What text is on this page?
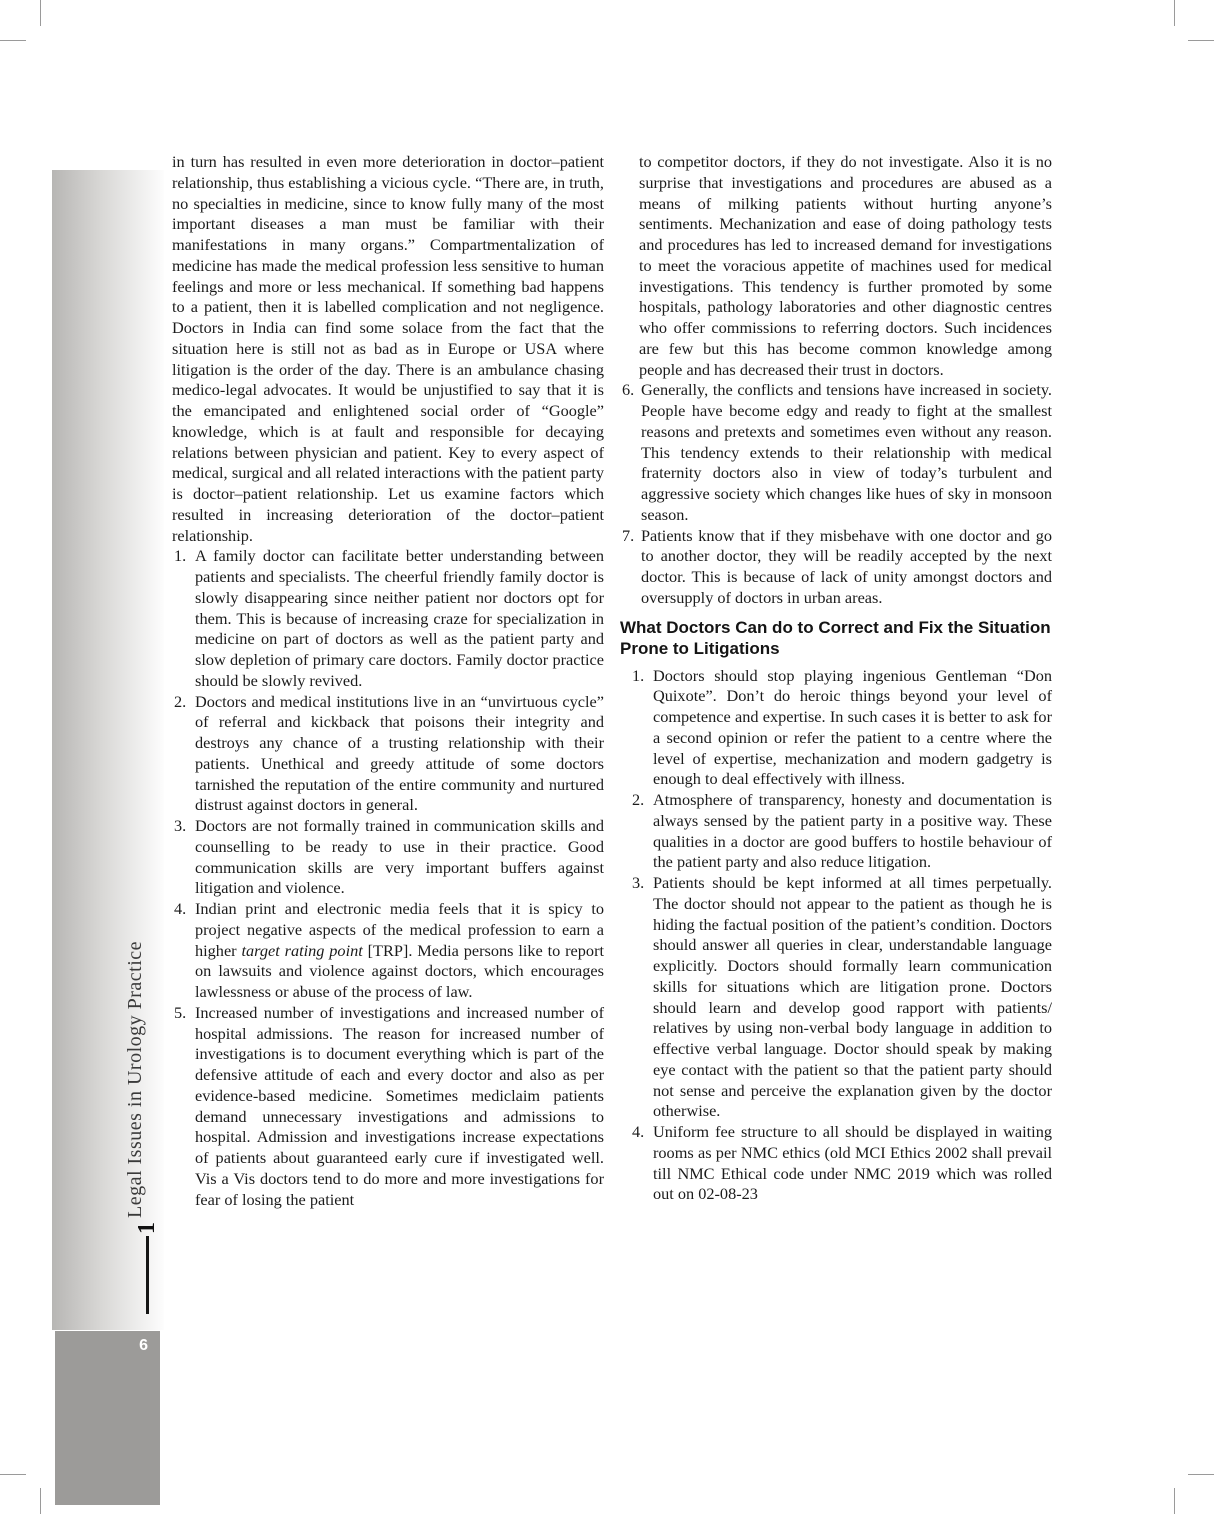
Legal Issues in Urology Practice
1
6

in turn has resulted in even more deterioration in doctor–patient relationship, thus establishing a vicious cycle. “There are, in truth, no specialties in medicine, since to know fully many of the most important diseases a man must be familiar with their manifestations in many organs.” Compartmentalization of medicine has made the medical profession less sensitive to human feelings and more or less mechanical. If something bad happens to a patient, then it is labelled complication and not negligence. Doctors in India can find some solace from the fact that the situation here is still not as bad as in Europe or USA where litigation is the order of the day. There is an ambulance chasing medico-legal advocates. It would be unjustified to say that it is the emancipated and enlightened social order of “Google” knowledge, which is at fault and responsible for decaying relations between physician and patient. Key to every aspect of medical, surgical and all related interactions with the patient party is doctor–patient relationship. Let us examine factors which resulted in increasing deterioration of the doctor–patient relationship.

1. A family doctor can facilitate better understanding between patients and specialists. The cheerful friendly family doctor is slowly disappearing since neither patient nor doctors opt for them. This is because of increasing craze for specialization in medicine on part of doctors as well as the patient party and slow depletion of primary care doctors. Family doctor practice should be slowly revived.
2. Doctors and medical institutions live in an “unvirtuous cycle” of referral and kickback that poisons their integrity and destroys any chance of a trusting relationship with their patients. Unethical and greedy attitude of some doctors tarnished the reputation of the entire community and nurtured distrust against doctors in general.
3. Doctors are not formally trained in communication skills and counselling to be ready to use in their practice. Good communication skills are very important buffers against litigation and violence.
4. Indian print and electronic media feels that it is spicy to project negative aspects of the medical profession to earn a higher target rating point [TRP]. Media persons like to report on lawsuits and violence against doctors, which encourages lawlessness or abuse of the process of law.
5. Increased number of investigations and increased number of hospital admissions. The reason for increased number of investigations is to document everything which is part of the defensive attitude of each and every doctor and also as per evidence-based medicine. Sometimes mediclaim patients demand unnecessary investigations and admissions to hospital. Admission and investigations increase expectations of patients about guaranteed early cure if investigated well. Vis a Vis doctors tend to do more and more investigations for fear of losing the patient

to competitor doctors, if they do not investigate. Also it is no surprise that investigations and procedures are abused as a means of milking patients without hurting anyone’s sentiments. Mechanization and ease of doing pathology tests and procedures has led to increased demand for investigations to meet the voracious appetite of machines used for medical investigations. This tendency is further promoted by some hospitals, pathology laboratories and other diagnostic centres who offer commissions to referring doctors. Such incidences are few but this has become common knowledge among people and has decreased their trust in doctors.

6. Generally, the conflicts and tensions have increased in society. People have become edgy and ready to fight at the smallest reasons and pretexts and sometimes even without any reason. This tendency extends to their relationship with medical fraternity doctors also in view of today’s turbulent and aggressive society which changes like hues of sky in monsoon season.
7. Patients know that if they misbehave with one doctor and go to another doctor, they will be readily accepted by the next doctor. This is because of lack of unity amongst doctors and oversupply of doctors in urban areas.
What Doctors Can do to Correct and Fix the Situation Prone to Litigations
1. Doctors should stop playing ingenious Gentleman “Don Quixote”. Don’t do heroic things beyond your level of competence and expertise. In such cases it is better to ask for a second opinion or refer the patient to a centre where the level of expertise, mechanization and modern gadgetry is enough to deal effectively with illness.
2. Atmosphere of transparency, honesty and documentation is always sensed by the patient party in a positive way. These qualities in a doctor are good buffers to hostile behaviour of the patient party and also reduce litigation.
3. Patients should be kept informed at all times perpetually. The doctor should not appear to the patient as though he is hiding the factual position of the patient’s condition. Doctors should answer all queries in clear, understandable language explicitly. Doctors should formally learn communication skills for situations which are litigation prone. Doctors should learn and develop good rapport with patients/ relatives by using non-verbal body language in addition to effective verbal language. Doctor should speak by making eye contact with the patient so that the patient party should not sense and perceive the explanation given by the doctor otherwise.
4. Uniform fee structure to all should be displayed in waiting rooms as per NMC ethics (old MCI Ethics 2002 shall prevail till NMC Ethical code under NMC 2019 which was rolled out on 02-08-23
